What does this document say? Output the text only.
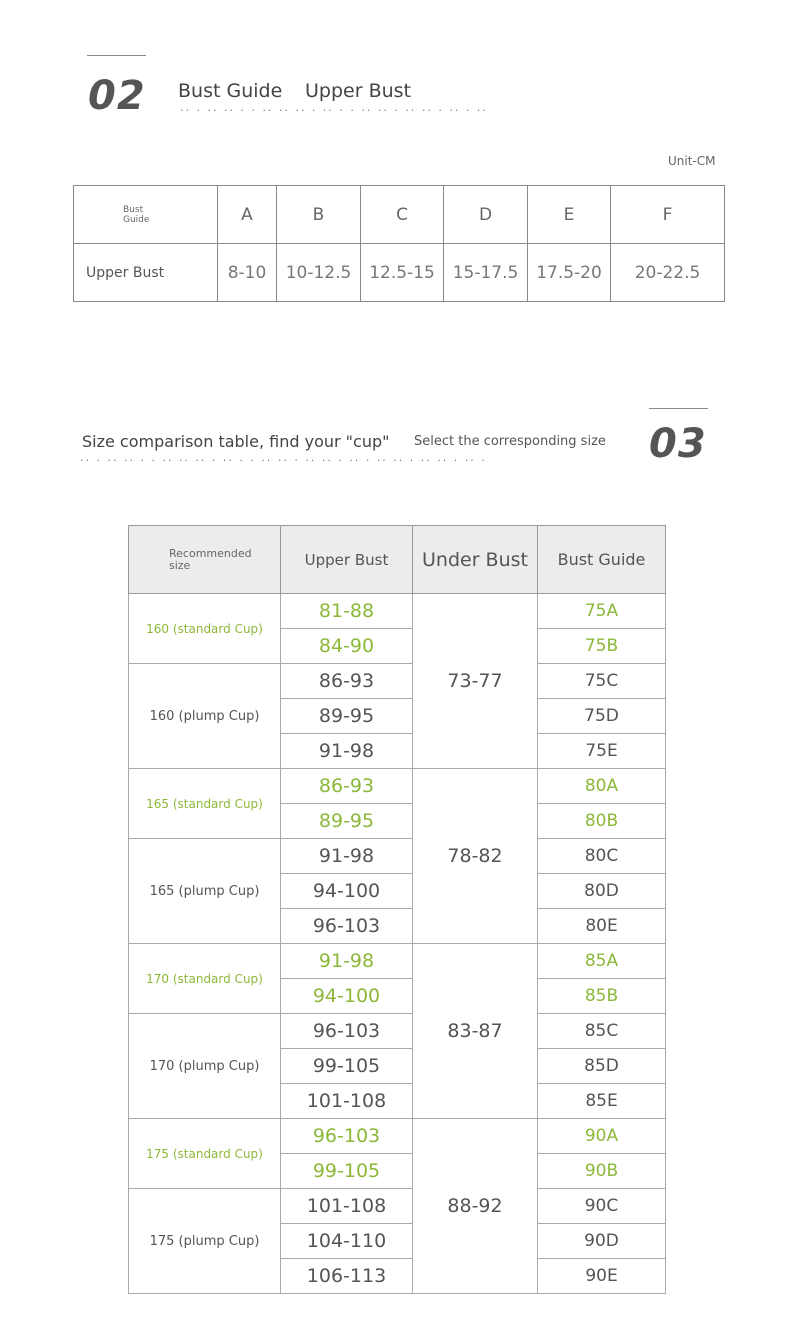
02 Bust Guide Upper Bust
.. . .. .. . . .. .. .. . .. . . .. .. . .. .. . .. . ..
Unit-CM
Bust Guide	A	B	C	D	E	F
Upper Bust	8-10	10-12.5	12.5-15	15-17.5	17.5-20	20-22.5
Size comparison table, find your "cup" Select the corresponding size
.. . .. .. . . .. .. .. . .. . . .. .. . .. .. . .. . .. .. . .. .. . .. .	03
Recommended size	Upper Bust	Under Bust	Bust Guide
160 (standard Cup)	81-88	73-77	75A
	84-90		75B
160 (plump Cup)	86-93		75C
	89-95		75D
	91-98		75E
165 (standard Cup)	86-93	78-82	80A
	89-95		80B
165 (plump Cup)	91-98		80C
	94-100		80D
	96-103		80E
170 (standard Cup)	91-98	83-87	85A
	94-100		85B
170 (plump Cup)	96-103		85C
	99-105		85D
	101-108		85E
175 (standard Cup)	96-103	88-92	90A
	99-105		90B
175 (plump Cup)	101-108		90C
	104-110		90D
	106-113		90E
